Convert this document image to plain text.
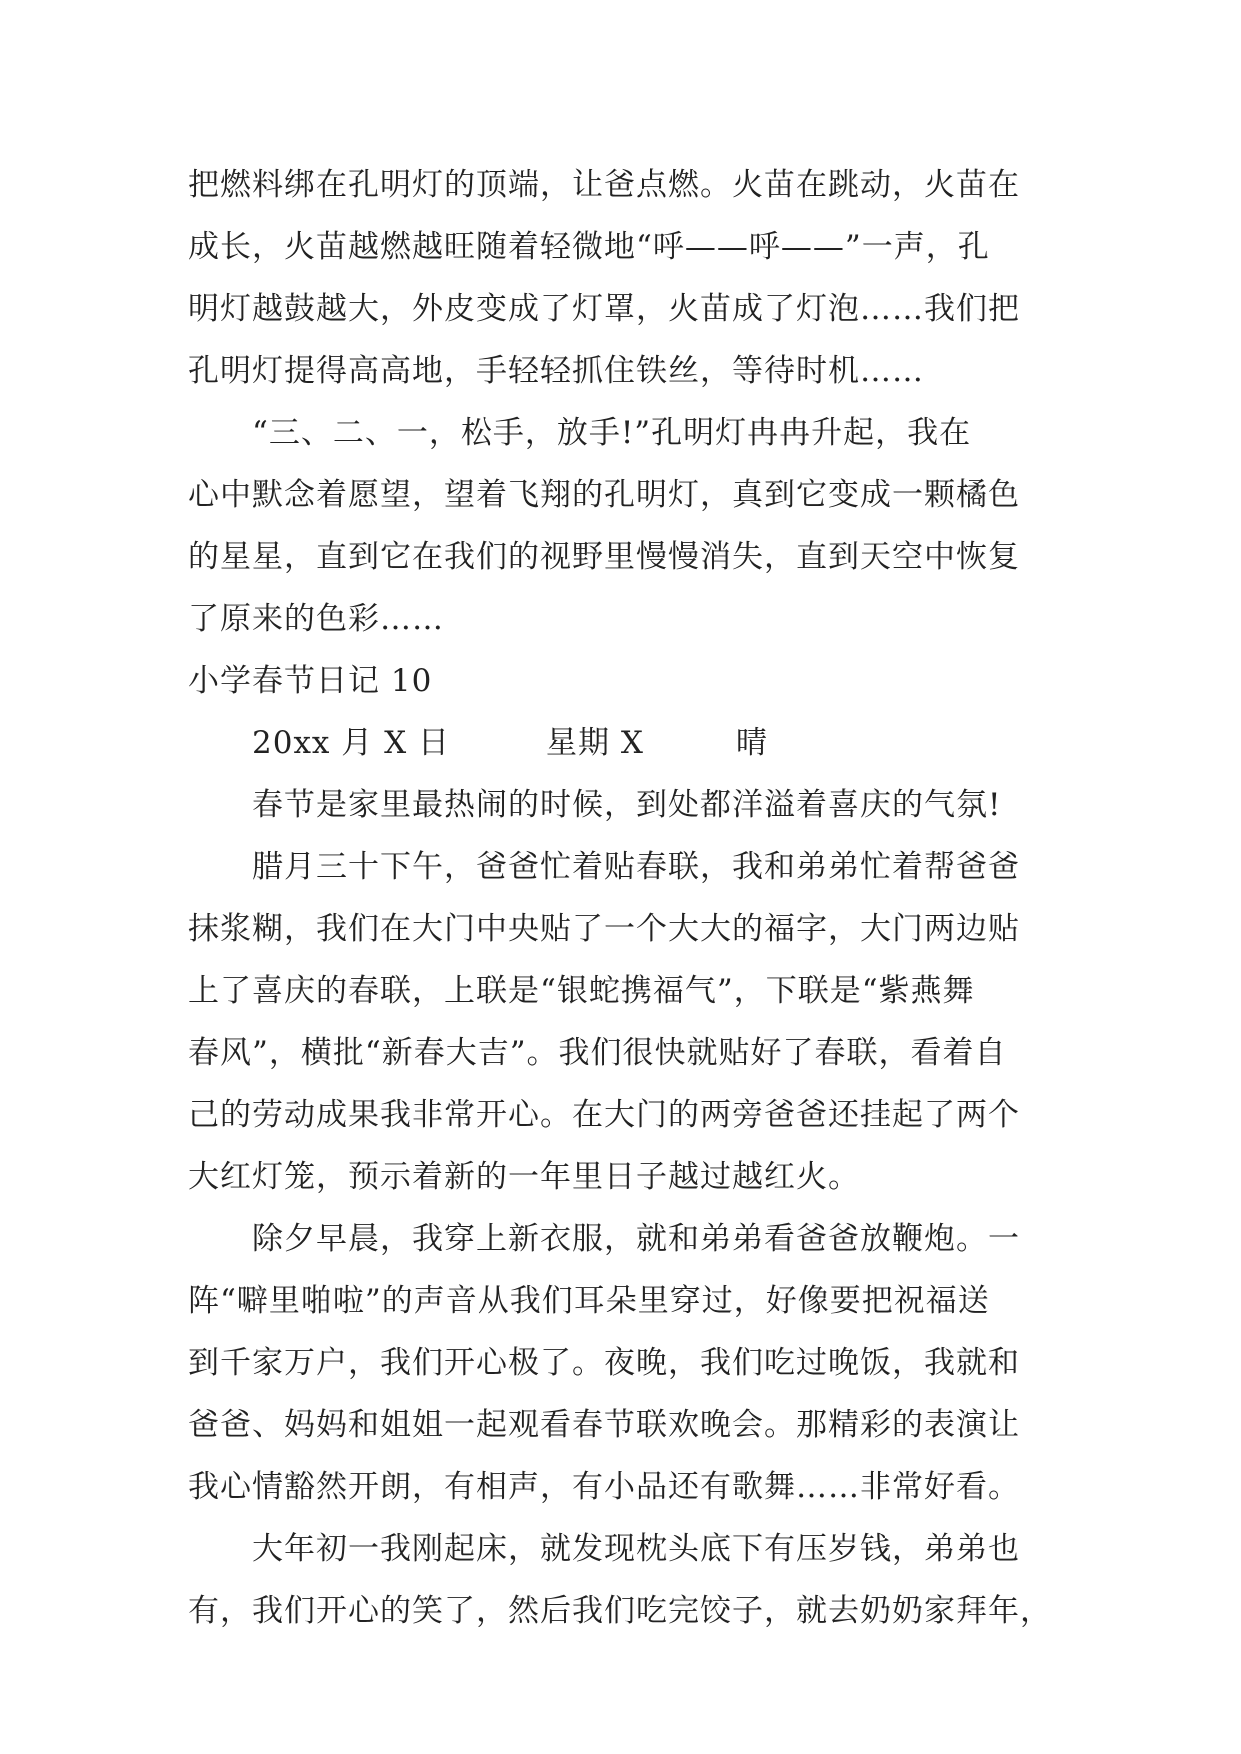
把燃料绑在孔明灯的顶端，让爸点燃。火苗在跳动，火苗在
成长，火苗越燃越旺随着轻微地“呼——呼——”一声，孔
明灯越鼓越大，外皮变成了灯罩，火苗成了灯泡……我们把
孔明灯提得高高地，手轻轻抓住铁丝，等待时机……
“三、二、一，松手，放手!”孔明灯冉冉升起，我在
心中默念着愿望，望着飞翔的孔明灯，真到它变成一颗橘色
的星星，直到它在我们的视野里慢慢消失，直到天空中恢复
了原来的色彩……
小学春节日记 10
20xx 月 X 日	星期 X	晴
春节是家里最热闹的时候，到处都洋溢着喜庆的气氛!
腊月三十下午，爸爸忙着贴春联，我和弟弟忙着帮爸爸
抹浆糊，我们在大门中央贴了一个大大的福字，大门两边贴
上了喜庆的春联，上联是“银蛇携福气”，下联是“紫燕舞
春风”，横批“新春大吉”。我们很快就贴好了春联，看着自
己的劳动成果我非常开心。在大门的两旁爸爸还挂起了两个
大红灯笼，预示着新的一年里日子越过越红火。
除夕早晨，我穿上新衣服，就和弟弟看爸爸放鞭炮。一
阵“噼里啪啦”的声音从我们耳朵里穿过，好像要把祝福送
到千家万户，我们开心极了。夜晚，我们吃过晚饭，我就和
爸爸、妈妈和姐姐一起观看春节联欢晚会。那精彩的表演让
我心情豁然开朗，有相声，有小品还有歌舞……非常好看。
大年初一我刚起床，就发现枕头底下有压岁钱，弟弟也
有，我们开心的笑了，然后我们吃完饺子，就去奶奶家拜年，
